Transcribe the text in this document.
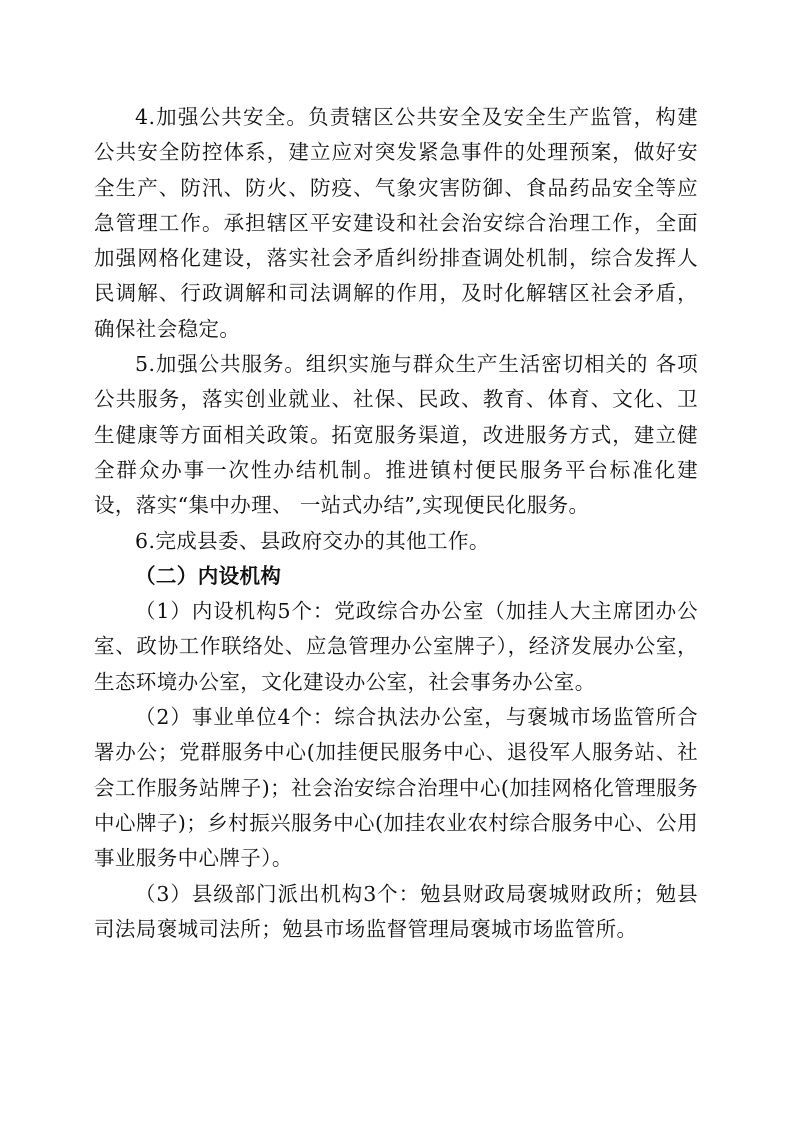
4.加强公共安全。负责辖区公共安全及安全生产监管，构建公共安全防控体系，建立应对突发紧急事件的处理预案，做好安全生产、防汛、防火、防疫、气象灾害防御、食品药品安全等应急管理工作。承担辖区平安建设和社会治安综合治理工作，全面加强网格化建设，落实社会矛盾纠纷排查调处机制，综合发挥人民调解、行政调解和司法调解的作用，及时化解辖区社会矛盾，确保社会稳定。

5.加强公共服务。组织实施与群众生产生活密切相关的 各项公共服务，落实创业就业、社保、民政、教育、体育、文化、卫生健康等方面相关政策。拓宽服务渠道，改进服务方式，建立健全群众办事一次性办结机制。推进镇村便民服务平台标准化建设，落实“集中办理、 一站式办结”,实现便民化服务。

6.完成县委、县政府交办的其他工作。

（二）内设机构

（1）内设机构5个：党政综合办公室（加挂人大主席团办公室、政协工作联络处、应急管理办公室牌子），经济发展办公室，生态环境办公室，文化建设办公室，社会事务办公室。

（2）事业单位4个：综合执法办公室，与褒城市场监管所合署办公；党群服务中心(加挂便民服务中心、退役军人服务站、社会工作服务站牌子)；社会治安综合治理中心(加挂网格化管理服务中心牌子)；乡村振兴服务中心(加挂农业农村综合服务中心、公用事业服务中心牌子）。

（3）县级部门派出机构3个：勉县财政局褒城财政所；勉县司法局褒城司法所；勉县市场监督管理局褒城市场监管所。
